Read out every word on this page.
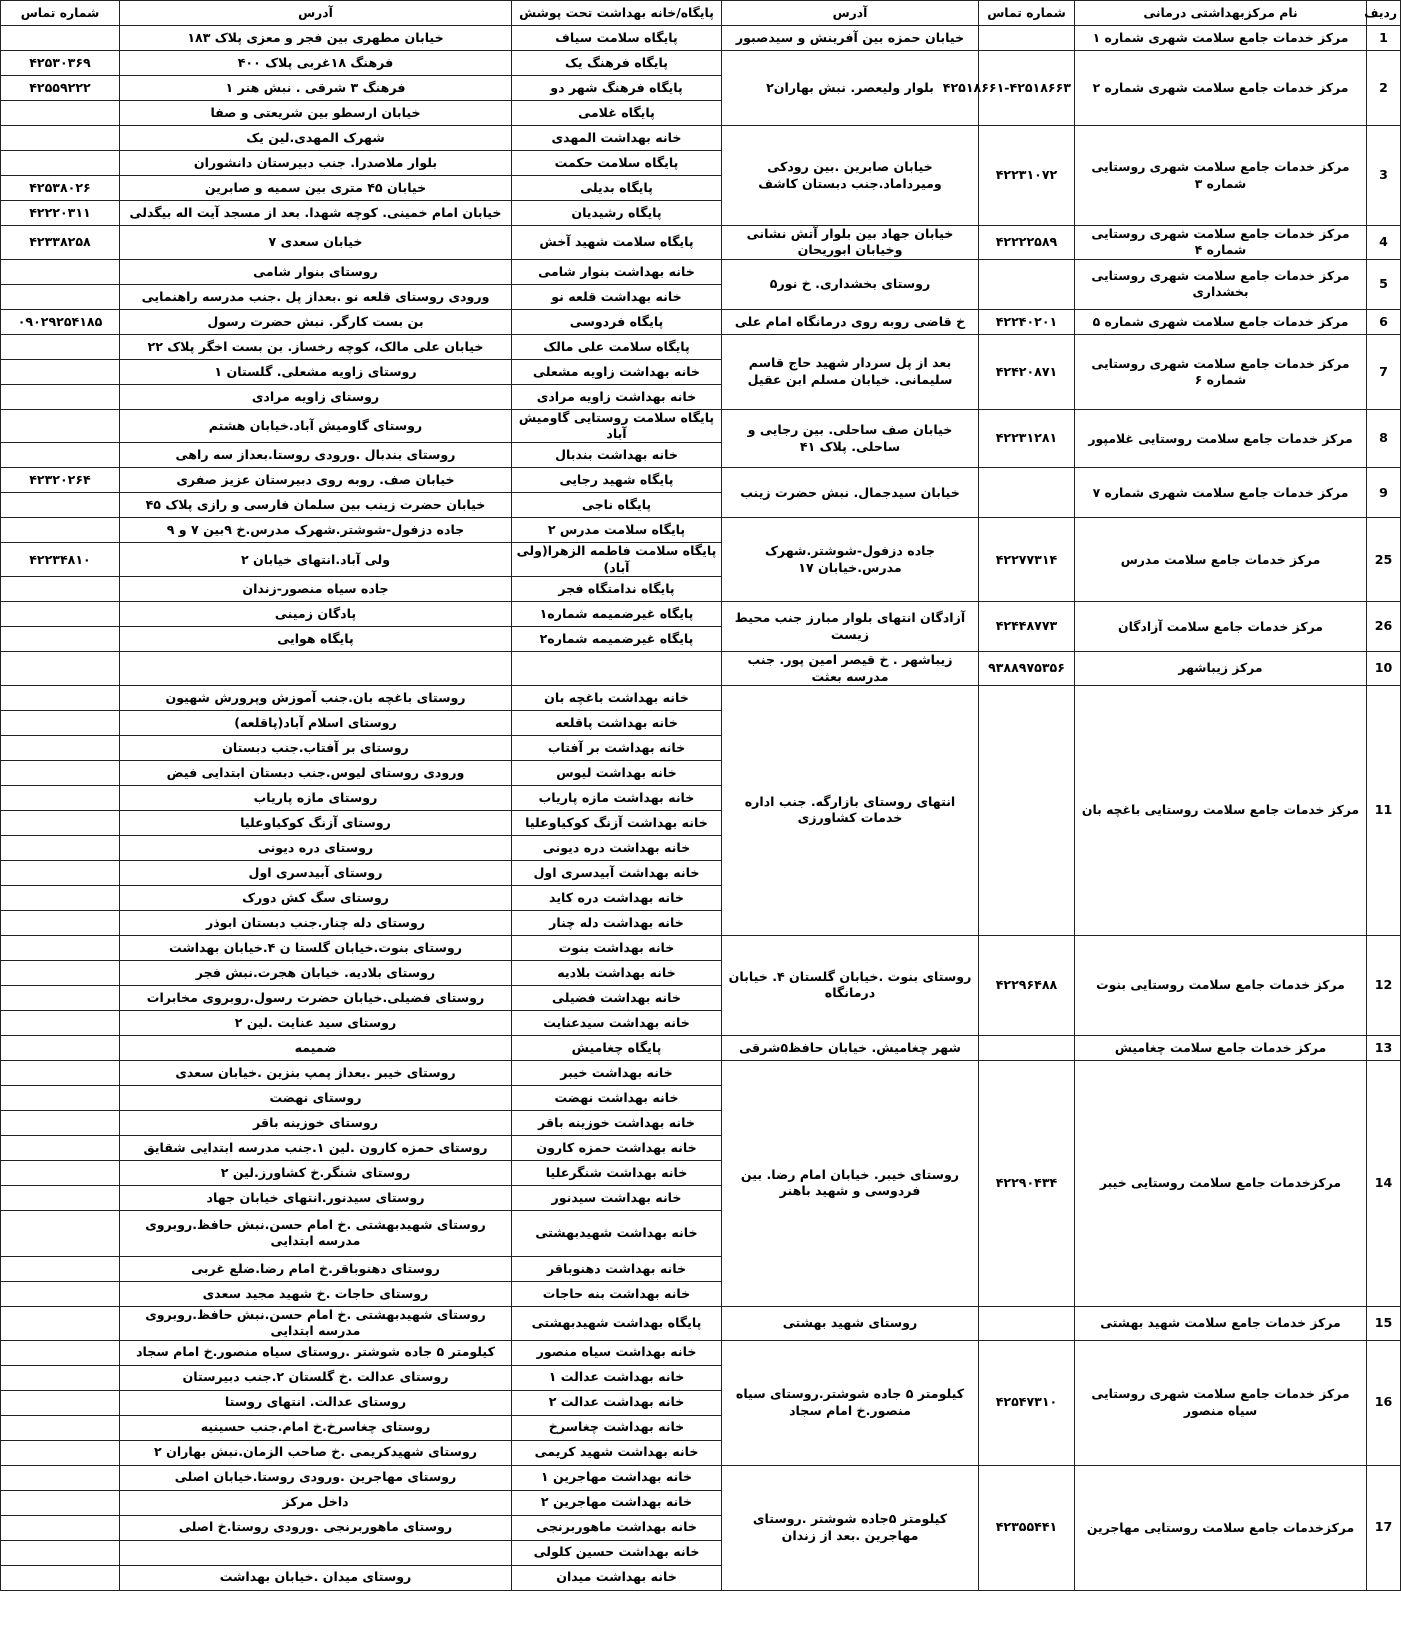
ردیف	نام مرکزبهداشتی درمانی	شماره تماس	آدرس	پایگاه/خانه بهداشت تحت پوشش	آدرس	شماره تماس
1	مرکز خدمات جامع سلامت شهری شماره ۱		خیابان حمزه بین آفرینش و سیدصبور	پایگاه سلامت سیاف	خیابان مطهری بین فجر و معزی پلاک ۱۸۳	
2	مرکز خدمات جامع سلامت شهری شماره ۲	۴۲۵۱۸۶۶۱-۴۲۵۱۸۶۶۳	بلوار ولیعصر. نبش بهاران۲	پایگاه فرهنگ یک	فرهنگ ۱۸غربی پلاک ۴۰۰	۴۲۵۳۰۳۶۹
				پایگاه فرهنگ شهر دو	فرهنگ ۳ شرقی . نبش هنر ۱	۴۲۵۵۹۲۲۲
				پایگاه غلامی	خیابان ارسطو بین شریعتی و صفا	
3	مرکز خدمات جامع سلامت شهری روستایی شماره ۳	۴۲۲۳۱۰۷۲	خیابان صابرین .بین رودکی ومیرداماد.جنب دبستان کاشف	خانه بهداشت المهدی	شهرک المهدی.لین یک	
				پایگاه سلامت حکمت	بلوار ملاصدرا. جنب دبیرستان دانشوران	
				پایگاه بدیلی	خیابان ۴۵ متری بین سمیه و صابرین	۴۲۵۳۸۰۲۶
				پایگاه رشیدیان	خیابان امام خمینی. کوچه شهدا. بعد از مسجد آیت اله بیگدلی	۴۲۲۲۰۳۱۱
4	مرکز خدمات جامع سلامت شهری روستایی شماره ۴	۴۲۲۲۲۵۸۹	خیابان جهاد بین بلوار آتش نشانی وخیابان ابوریحان	پایگاه سلامت شهید آخش	خیابان سعدی ۷	۴۲۳۳۸۲۵۸
5	مرکز خدمات جامع سلامت شهری روستایی بخشداری		روستای بخشداری. خ نور۵	خانه بهداشت بنوار شامی	روستای بنوار شامی	
				خانه بهداشت قلعه نو	ورودی روستای قلعه نو .بعداز پل .جنب مدرسه راهنمایی	
6	مرکز خدمات جامع سلامت شهری شماره ۵	۴۲۲۴۰۲۰۱	خ قاضی روبه روی درمانگاه امام علی	پایگاه فردوسی	بن بست کارگر. نبش حضرت رسول	۰۹۰۲۹۲۵۴۱۸۵
7	مرکز خدمات جامع سلامت شهری روستایی شماره ۶	۴۲۴۲۰۸۷۱	بعد از پل سردار شهید حاج قاسم سلیمانی. خیابان مسلم ابن عقیل	پایگاه سلامت علی مالک	خیابان علی مالک، کوچه رخساز. بن بست اخگر پلاک ۲۲	
				خانه بهداشت زاویه مشعلی	روستای زاویه مشعلی. گلستان ۱	
				خانه بهداشت زاویه مرادی	روستای زاویه مرادی	
8	مرکز خدمات جامع سلامت روستایی غلامپور	۴۲۲۳۱۲۸۱	خیابان صف ساحلی. بین رجایی و ساحلی. پلاک ۴۱	پایگاه سلامت روستایی گاومیش آباد	روستای گاومیش آباد.خیابان هشتم	
				خانه بهداشت بندبال	روستای بندبال .ورودی روستا.بعداز سه راهی	
9	مرکز خدمات جامع سلامت شهری شماره ۷		خیابان سیدجمال. نبش حضرت زینب	پایگاه شهید رجایی	خیابان صف. روبه روی دبیرستان عزیز صفری	۴۲۳۲۰۲۶۴
				پایگاه ناجی	خیابان حضرت زینب بین سلمان فارسی و رازی پلاک ۴۵	
25	مرکز خدمات جامع سلامت مدرس	۴۲۲۷۷۳۱۴	جاده دزفول-شوشتر.شهرک مدرس.خیابان ۱۷	پایگاه سلامت مدرس ۲	جاده دزفول-شوشتر.شهرک مدرس.خ ۹بین ۷ و ۹	
				پایگاه سلامت فاطمه الزهرا(ولی آباد)	ولی آباد.انتهای خیابان ۲	۴۲۲۳۴۸۱۰
				پایگاه ندامتگاه فجر	جاده سیاه منصور-زندان	
26	مرکز خدمات جامع سلامت آزادگان	۴۲۴۴۸۷۷۳	آزادگان انتهای بلوار مبارز جنب محیط زیست	پایگاه غیرضمیمه شماره۱	پادگان زمینی	
				پایگاه غیرضمیمه شماره۲	پایگاه هوایی	
10	مرکز زیباشهر	۹۳۸۸۹۷۵۳۵۶	زیباشهر . خ قیصر امین پور. جنب مدرسه بعثت			
11	مرکز خدمات جامع سلامت روستایی باغچه بان		انتهای روستای بازارگه. جنب اداره خدمات کشاورزی	خانه بهداشت باغچه بان	روستای باغچه بان.جنب آموزش وپرورش شهیون	
				خانه بهداشت پاقلعه	روستای اسلام آباد(پاقلعه)	
				خانه بهداشت بر آفتاب	روستای بر آفتاب.جنب دبستان	
				خانه بهداشت لیوس	ورودی روستای لیوس.جنب دبستان ابتدایی فیض	
				خانه بهداشت مازه پاریاب	روستای مازه پاریاب	
				خانه بهداشت آزنگ کوکیاوعلیا	روستای آزنگ کوکیاوعلیا	
				خانه بهداشت دره دیونی	روستای دره دیونی	
				خانه بهداشت آبیدسری اول	روستای آبیدسری اول	
				خانه بهداشت دره کاید	روستای سگ کش دورک	
				خانه بهداشت دله چنار	روستای دله چنار.جنب دبستان ابوذر	
12	مرکز خدمات جامع سلامت روستایی بنوت	۴۲۲۹۶۴۸۸	روستای بنوت .خیابان گلستان ۴. خیابان درمانگاه	خانه بهداشت بنوت	روستای بنوت.خیابان گلستا ن ۴.خیابان بهداشت	
				خانه بهداشت بلادیه	روستای بلادیه. خیابان هجرت.نبش فجر	
				خانه بهداشت فضیلی	روستای فضیلی.خیابان حضرت رسول.روبروی مخابرات	
				خانه بهداشت سیدعنایت	روستای سید عنایت .لین ۲	
13	مرکز خدمات جامع سلامت چغامیش		شهر چغامیش. خیابان حافظ۵شرقی	پایگاه چغامیش	ضمیمه	
14	مرکزخدمات جامع سلامت روستایی خیبر	۴۲۲۹۰۴۳۴	روستای خیبر. خیابان امام رضا. بین فردوسی و شهید باهنر	خانه بهداشت خیبر	روستای خیبر .بعداز پمپ بنزین .خیابان سعدی	
				خانه بهداشت نهضت	روستای نهضت	
				خانه بهداشت خوزینه باقر	روستای خوزینه باقر	
				خانه بهداشت حمزه کارون	روستای حمزه کارون .لین ۱.جنب مدرسه ابتدایی شقایق	
				خانه بهداشت شنگرعلیا	روستای شنگر.خ کشاورز.لین ۲	
				خانه بهداشت سیدنور	روستای سیدنور.انتهای خیابان جهاد	
				خانه بهداشت شهیدبهشتی	روستای شهیدبهشتی .خ امام حسن.نبش حافظ.روبروی مدرسه ابتدایی	
				خانه بهداشت دهنوباقر	روستای دهنوباقر.خ امام رضا.ضلع غربی	
				خانه بهداشت بنه حاجات	روستای حاجات .خ شهید مجید سعدی	
15	مرکز خدمات جامع سلامت شهید بهشتی		روستای شهید بهشتی	پایگاه بهداشت شهیدبهشتی	روستای شهیدبهشتی .خ امام حسن.نبش حافظ.روبروی مدرسه ابتدایی	
16	مرکز خدمات جامع سلامت شهری روستایی سیاه منصور	۴۲۵۴۷۳۱۰	کیلومتر ۵ جاده شوشتر.روستای سیاه منصور.خ امام سجاد	خانه بهداشت سیاه منصور	کیلومتر ۵ جاده شوشتر .روستای سیاه منصور.خ امام سجاد	
				خانه بهداشت عدالت ۱	روستای عدالت .خ گلستان ۲.جنب دبیرستان	
				خانه بهداشت عدالت ۲	روستای عدالت. انتهای روستا	
				خانه بهداشت چغاسرخ	روستای چغاسرخ.خ امام.جنب حسینیه	
				خانه بهداشت شهید کریمی	روستای شهیدکریمی .خ صاحب الزمان.نبش بهاران ۲	
17	مرکزخدمات جامع سلامت روستایی مهاجرین	۴۲۳۵۵۴۴۱	کیلومتر ۵جاده شوشتر .روستای مهاجرین .بعد از زندان	خانه بهداشت مهاجرین ۱	روستای مهاجرین .ورودی روستا.خیابان اصلی	
				خانه بهداشت مهاجرین ۲	داخل مرکز	
				خانه بهداشت ماهوربرنجی	روستای ماهوربرنجی .ورودی روستا.خ اصلی	
				خانه بهداشت حسین کلولی		
				خانه بهداشت میدان	روستای میدان .خیابان بهداشت	
